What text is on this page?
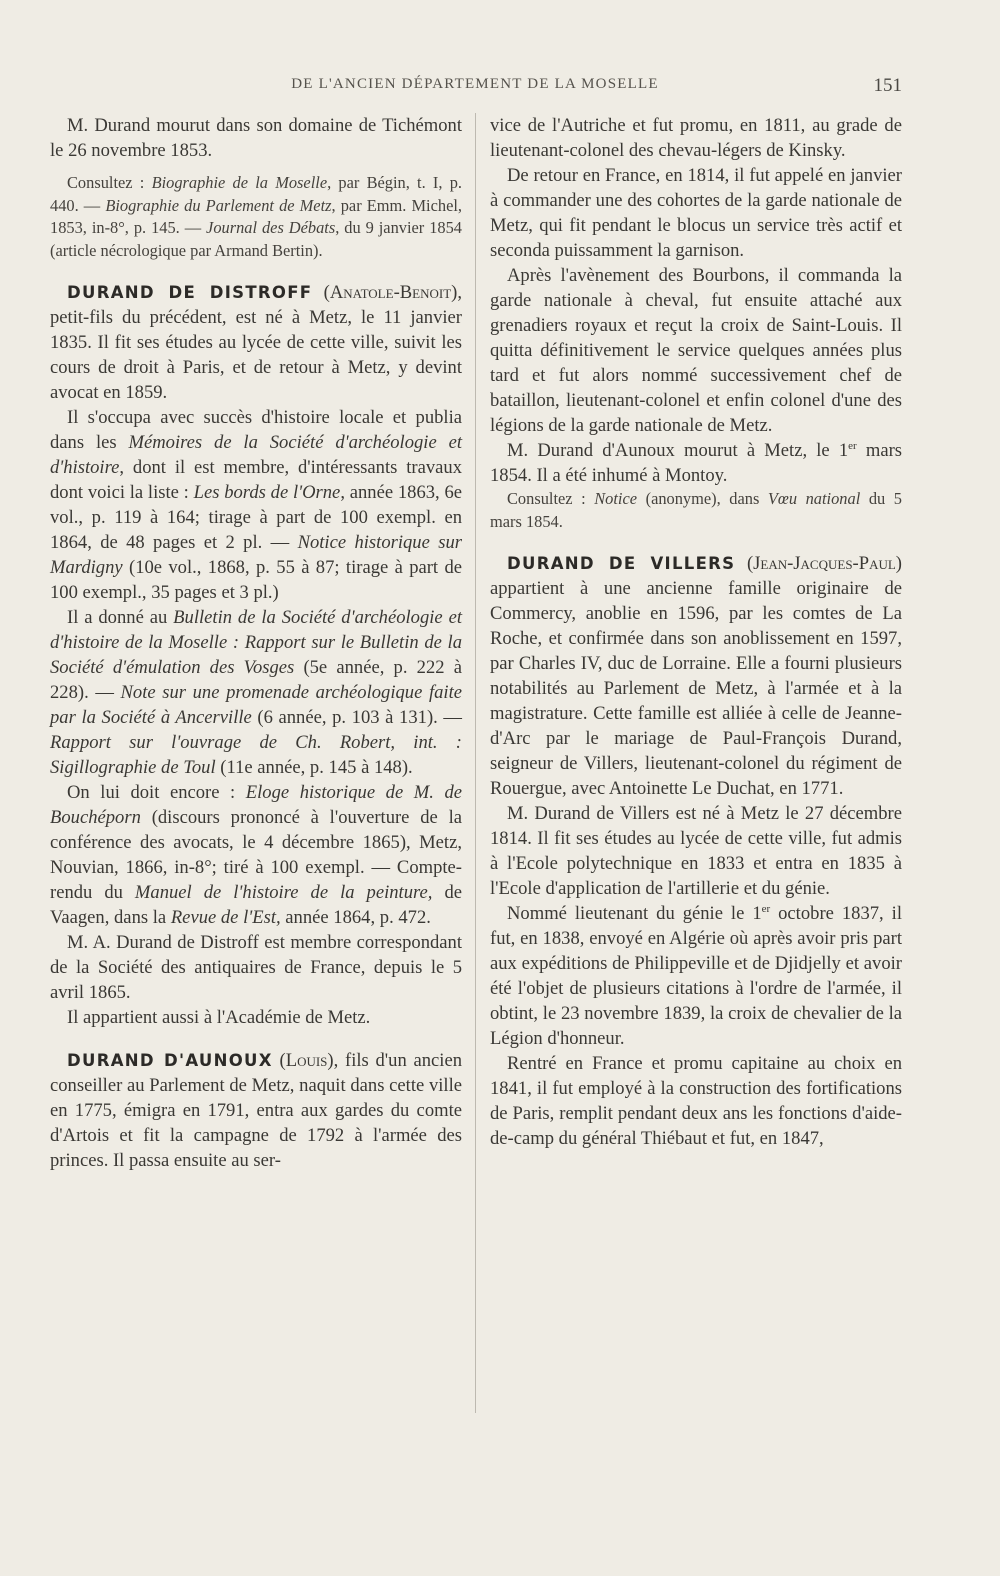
DE L'ANCIEN DÉPARTEMENT DE LA MOSELLE	151

M. Durand mourut dans son domaine de Tichémont le 26 novembre 1853.

Consultez : Biographie de la Moselle, par Bégin, t. I, p. 440. — Biographie du Parlement de Metz, par Emm. Michel, 1853, in-8°, p. 145. — Journal des Débats, du 9 janvier 1854 (article nécrologique par Armand Bertin).

DURAND DE DISTROFF (Anatole-Benoit), petit-fils du précédent, est né à Metz, le 11 janvier 1835. Il fit ses études au lycée de cette ville, suivit les cours de droit à Paris, et de retour à Metz, y devint avocat en 1859.

Il s'occupa avec succès d'histoire locale et publia dans les Mémoires de la Société d'archéologie et d'histoire, dont il est membre, d'intéressants travaux dont voici la liste : Les bords de l'Orne, année 1863, 6e vol., p. 119 à 164; tirage à part de 100 exempl. en 1864, de 48 pages et 2 pl. — Notice historique sur Mardigny (10e vol., 1868, p. 55 à 87; tirage à part de 100 exempl., 35 pages et 3 pl.)

Il a donné au Bulletin de la Société d'archéologie et d'histoire de la Moselle : Rapport sur le Bulletin de la Société d'émulation des Vosges (5e année, p. 222 à 228). — Note sur une promenade archéologique faite par la Société à Ancerville (6 année, p. 103 à 131). — Rapport sur l'ouvrage de Ch. Robert, int. : Sigillographie de Toul (11e année, p. 145 à 148).

On lui doit encore : Eloge historique de M. de Bouchéporn (discours prononcé à l'ouverture de la conférence des avocats, le 4 décembre 1865), Metz, Nouvian, 1866, in-8°; tiré à 100 exempl. — Compte-rendu du Manuel de l'histoire de la peinture, de Vaagen, dans la Revue de l'Est, année 1864, p. 472.

M. A. Durand de Distroff est membre correspondant de la Société des antiquaires de France, depuis le 5 avril 1865.

Il appartient aussi à l'Académie de Metz.

DURAND D'AUNOUX (Louis), fils d'un ancien conseiller au Parlement de Metz, naquit dans cette ville en 1775, émigra en 1791, entra aux gardes du comte d'Artois et fit la campagne de 1792 à l'armée des princes. Il passa ensuite au ser-

vice de l'Autriche et fut promu, en 1811, au grade de lieutenant-colonel des chevau-légers de Kinsky.

De retour en France, en 1814, il fut appelé en janvier à commander une des cohortes de la garde nationale de Metz, qui fit pendant le blocus un service très actif et seconda puissamment la garnison.

Après l'avènement des Bourbons, il commanda la garde nationale à cheval, fut ensuite attaché aux grenadiers royaux et reçut la croix de Saint-Louis. Il quitta définitivement le service quelques années plus tard et fut alors nommé successivement chef de bataillon, lieutenant-colonel et enfin colonel d'une des légions de la garde nationale de Metz.

M. Durand d'Aunoux mourut à Metz, le 1er mars 1854. Il a été inhumé à Montoy.

Consultez : Notice (anonyme), dans Vœu national du 5 mars 1854.

DURAND DE VILLERS (Jean-Jacques-Paul) appartient à une ancienne famille originaire de Commercy, anoblie en 1596, par les comtes de La Roche, et confirmée dans son anoblissement en 1597, par Charles IV, duc de Lorraine. Elle a fourni plusieurs notabilités au Parlement de Metz, à l'armée et à la magistrature. Cette famille est alliée à celle de Jeanne-d'Arc par le mariage de Paul-François Durand, seigneur de Villers, lieutenant-colonel du régiment de Rouergue, avec Antoinette Le Duchat, en 1771.

M. Durand de Villers est né à Metz le 27 décembre 1814. Il fit ses études au lycée de cette ville, fut admis à l'Ecole polytechnique en 1833 et entra en 1835 à l'Ecole d'application de l'artillerie et du génie.

Nommé lieutenant du génie le 1er octobre 1837, il fut, en 1838, envoyé en Algérie où après avoir pris part aux expéditions de Philippeville et de Djidjelly et avoir été l'objet de plusieurs citations à l'ordre de l'armée, il obtint, le 23 novembre 1839, la croix de chevalier de la Légion d'honneur.

Rentré en France et promu capitaine au choix en 1841, il fut employé à la construction des fortifications de Paris, remplit pendant deux ans les fonctions d'aide-de-camp du général Thiébaut et fut, en 1847,
